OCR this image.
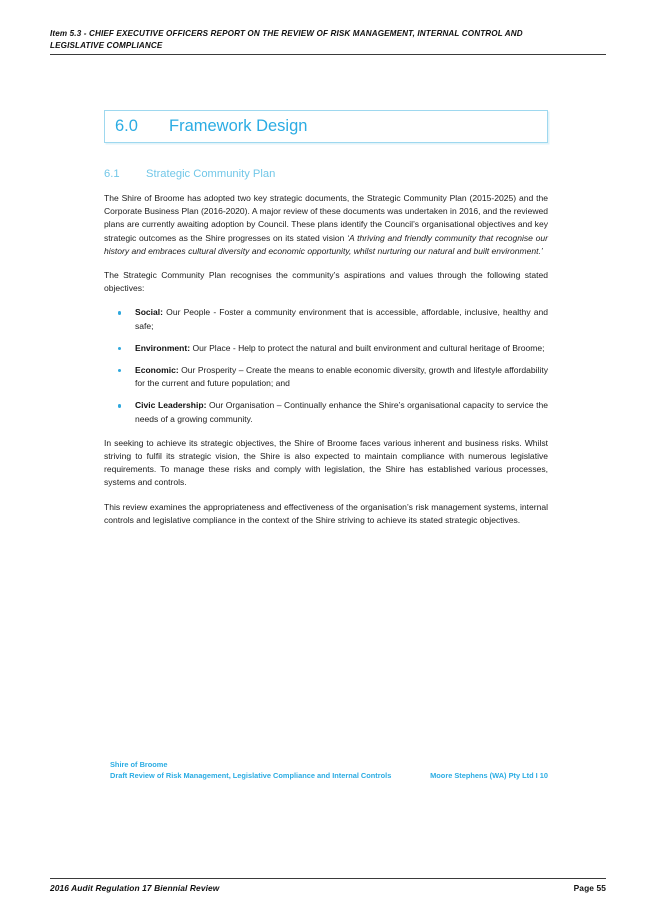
Item 5.3 - CHIEF EXECUTIVE OFFICERS REPORT ON THE REVIEW OF RISK MANAGEMENT, INTERNAL CONTROL AND
LEGISLATIVE COMPLIANCE
6.0	Framework Design
6.1	Strategic Community Plan

The Shire of Broome has adopted two key strategic documents, the Strategic Community Plan (2015-2025) and the Corporate Business Plan (2016-2020). A major review of these documents was undertaken in 2016, and the reviewed plans are currently awaiting adoption by Council. These plans identify the Council’s organisational objectives and key strategic outcomes as the Shire progresses on its stated vision ‘A thriving and friendly community that recognise our history and embraces cultural diversity and economic opportunity, whilst nurturing our natural and built environment.’

The Strategic Community Plan recognises the community’s aspirations and values through the following stated objectives:

Social: Our People - Foster a community environment that is accessible, affordable, inclusive, healthy and safe;
Environment: Our Place - Help to protect the natural and built environment and cultural heritage of Broome;
Economic: Our Prosperity – Create the means to enable economic diversity, growth and lifestyle affordability for the current and future population; and
Civic Leadership: Our Organisation – Continually enhance the Shire’s organisational capacity to service the needs of a growing community.

In seeking to achieve its strategic objectives, the Shire of Broome faces various inherent and business risks. Whilst striving to fulfil its strategic vision, the Shire is also expected to maintain compliance with numerous legislative requirements. To manage these risks and comply with legislation, the Shire has established various processes, systems and controls.

This review examines the appropriateness and effectiveness of the organisation’s risk management systems, internal controls and legislative compliance in the context of the Shire striving to achieve its stated strategic objectives.

Shire of Broome
Draft Review of Risk Management, Legislative Compliance and Internal Controls	Moore Stephens (WA) Pty Ltd I 10
2016 Audit Regulation 17 Biennial Review	Page 55
